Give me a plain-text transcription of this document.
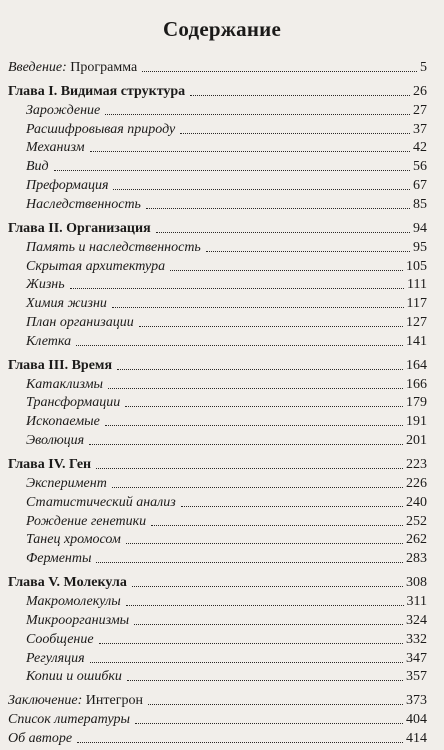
Содержание
Введение: Программа	5
Глава I. Видимая структура	26
Зарождение	27
Расшифровывая природу	37
Механизм	42
Вид	56
Преформация	67
Наследственность	85
Глава II. Организация	94
Память и наследственность	95
Скрытая архитектура	105
Жизнь	111
Химия жизни	117
План организации	127
Клетка	141
Глава III. Время	164
Катаклизмы	166
Трансформации	179
Ископаемые	191
Эволюция	201
Глава IV. Ген	223
Эксперимент	226
Статистический анализ	240
Рождение генетики	252
Танец хромосом	262
Ферменты	283
Глава V. Молекула	308
Макромолекулы	311
Микроорганизмы	324
Сообщение	332
Регуляция	347
Копии и ошибки	357
Заключение: Интегрон	373
Список литературы	404
Об авторе	414
